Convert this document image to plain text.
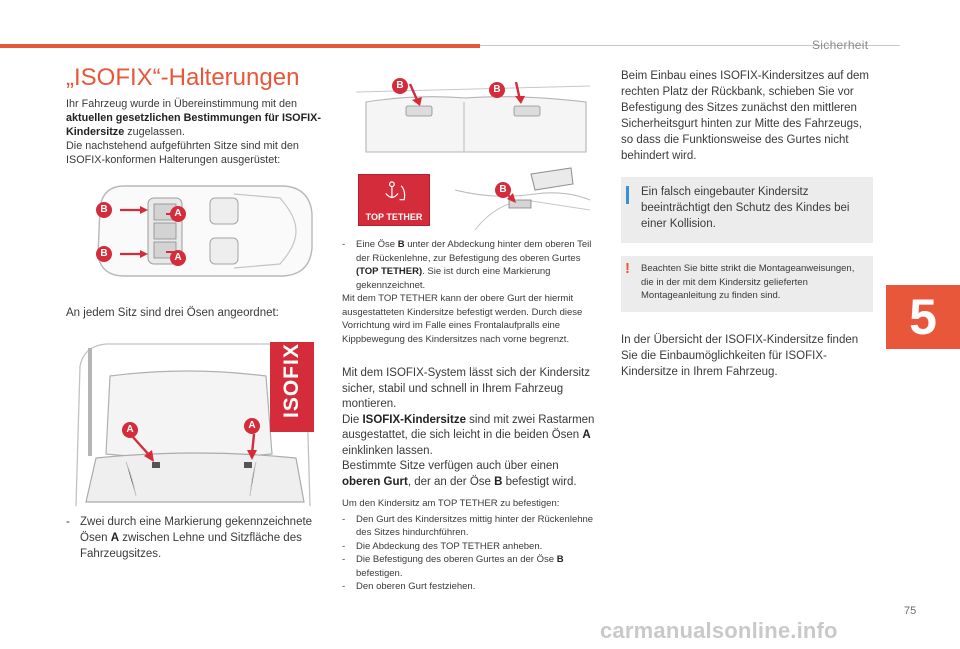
Sicherheit
5
75
„ISOFIX“-Halterungen
Ihr Fahrzeug wurde in Übereinstimmung mit den aktuellen gesetzlichen Bestimmungen für ISOFIX-Kindersitze zugelassen.
Die nachstehend aufgeführten Sitze sind mit den ISOFIX-konformen Halterungen ausgerüstet:
B
B
A
A
An jedem Sitz sind drei Ösen angeordnet:
A	A
ISOFIX
- Zwei durch eine Markierung gekennzeichnete Ösen A zwischen Lehne und Sitzfläche des Fahrzeugsitzes.
B	B
TOP TETHER
B
- Eine Öse B unter der Abdeckung hinter dem oberen Teil der Rückenlehne, zur Befestigung des oberen Gurtes (TOP TETHER). Sie ist durch eine Markierung gekennzeichnet.
Mit dem TOP TETHER kann der obere Gurt der hiermit ausgestatteten Kindersitze befestigt werden. Durch diese Vorrichtung wird im Falle eines Frontalaufpralls eine Kippbewegung des Kindersitzes nach vorne begrenzt.
Mit dem ISOFIX-System lässt sich der Kindersitz sicher, stabil und schnell in Ihrem Fahrzeug montieren.
Die ISOFIX-Kindersitze sind mit zwei Rastarmen ausgestattet, die sich leicht in die beiden Ösen A einklinken lassen.
Bestimmte Sitze verfügen auch über einen oberen Gurt, der an der Öse B befestigt wird.
Um den Kindersitz am TOP TETHER zu befestigen:
- Den Gurt des Kindersitzes mittig hinter der Rückenlehne des Sitzes hindurchführen.
- Die Abdeckung des TOP TETHER anheben.
- Die Befestigung des oberen Gurtes an der Öse B befestigen.
- Den oberen Gurt festziehen.
Beim Einbau eines ISOFIX-Kindersitzes auf dem rechten Platz der Rückbank, schieben Sie vor Befestigung des Sitzes zunächst den mittleren Sicherheitsgurt hinten zur Mitte des Fahrzeugs, so dass die Funktionsweise des Gurtes nicht behindert wird.
Ein falsch eingebauter Kindersitz beeinträchtigt den Schutz des Kindes bei einer Kollision.
! Beachten Sie bitte strikt die Montageanweisungen, die in der mit dem Kindersitz gelieferten Montageanleitung zu finden sind.
In der Übersicht der ISOFIX-Kindersitze finden Sie die Einbaumöglichkeiten für ISOFIX-Kindersitze in Ihrem Fahrzeug.
carmanualsonline.info
